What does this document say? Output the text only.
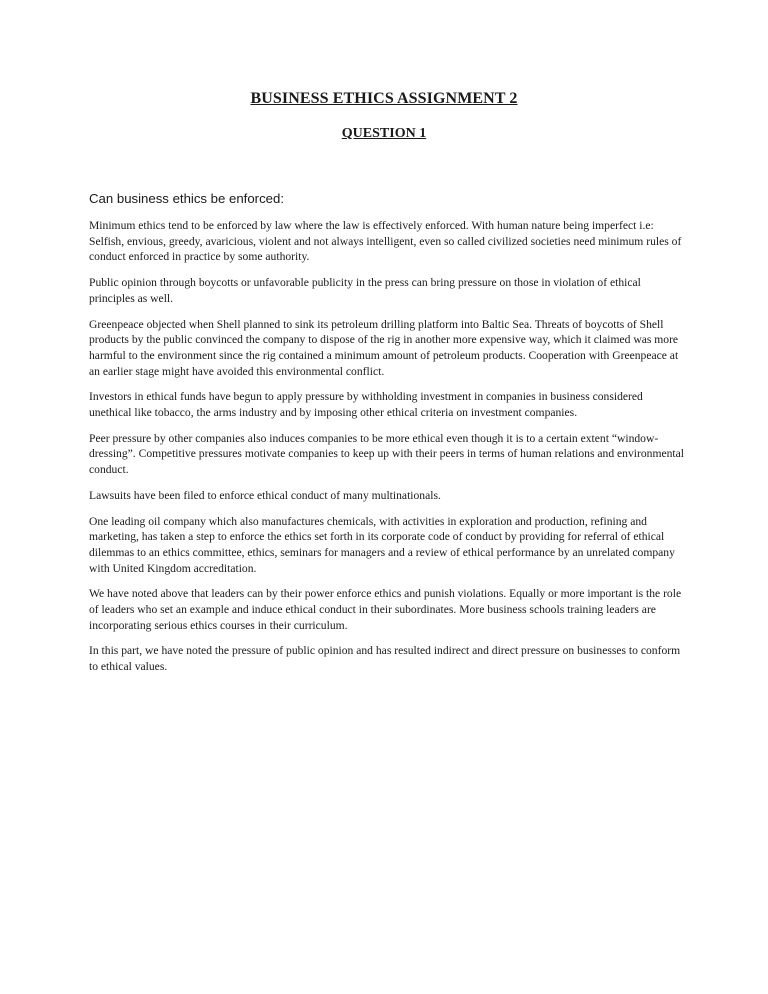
BUSINESS ETHICS ASSIGNMENT 2
QUESTION 1

Can business ethics be enforced:

Minimum ethics tend to be enforced by law where the law is effectively enforced. With human nature being imperfect i.e: Selfish, envious, greedy, avaricious, violent and not always intelligent, even so called civilized societies need minimum rules of conduct enforced in practice by some authority.

Public opinion through boycotts or unfavorable publicity in the press can bring pressure on those in violation of ethical principles as well.

Greenpeace objected when Shell planned to sink its petroleum drilling platform into Baltic Sea. Threats of boycotts of Shell products by the public convinced the company to dispose of the rig in another more expensive way, which it claimed was more harmful to the environment since the rig contained a minimum amount of petroleum products. Cooperation with Greenpeace at an earlier stage might have avoided this environmental conflict.

Investors in ethical funds have begun to apply pressure by withholding investment in companies in business considered unethical like tobacco, the arms industry and by imposing other ethical criteria on investment companies.

Peer pressure by other companies also induces companies to be more ethical even though it is to a certain extent “window-dressing”. Competitive pressures motivate companies to keep up with their peers in terms of human relations and environmental conduct.

Lawsuits have been filed to enforce ethical conduct of many multinationals.

One leading oil company which also manufactures chemicals, with activities in exploration and production, refining and marketing, has taken a step to enforce the ethics set forth in its corporate code of conduct by providing for referral of ethical dilemmas to an ethics committee, ethics, seminars for managers and a review of ethical performance by an unrelated company with United Kingdom accreditation.

We have noted above that leaders can by their power enforce ethics and punish violations. Equally or more important is the role of leaders who set an example and induce ethical conduct in their subordinates. More business schools training leaders are incorporating serious ethics courses in their curriculum.

In this part, we have noted the pressure of public opinion and has resulted indirect and direct pressure on businesses to conform to ethical values.
